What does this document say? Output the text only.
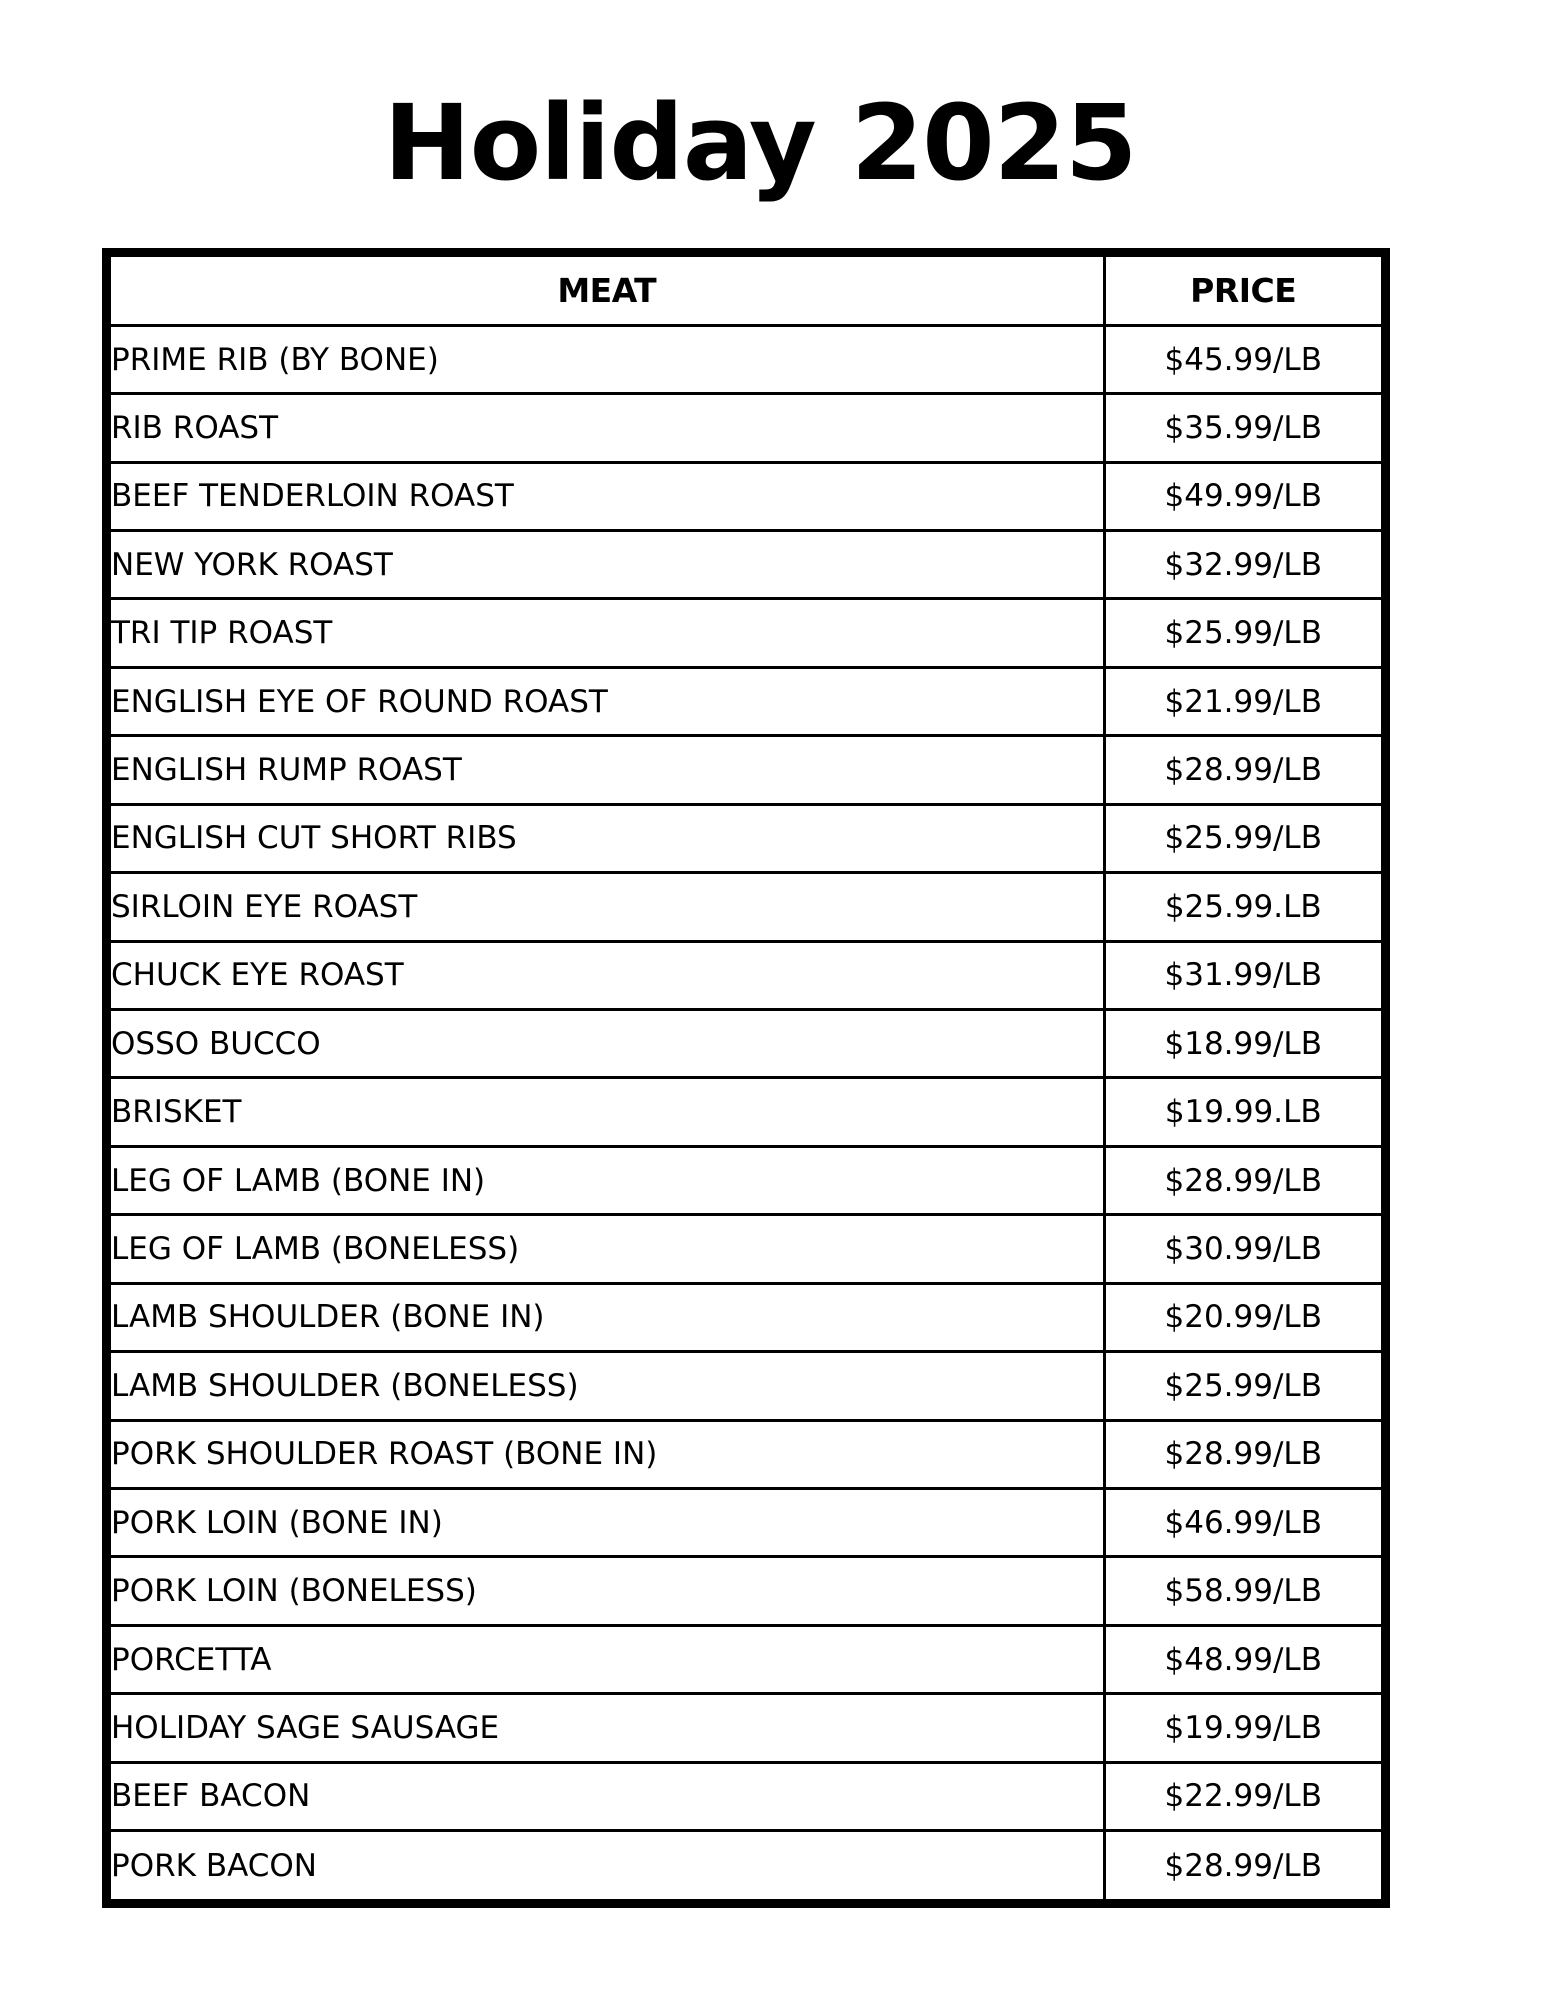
Holiday 2025
MEAT	PRICE
PRIME RIB (BY BONE)	$45.99/LB
RIB ROAST	$35.99/LB
BEEF TENDERLOIN ROAST	$49.99/LB
NEW YORK ROAST	$32.99/LB
TRI TIP ROAST	$25.99/LB
ENGLISH EYE OF ROUND ROAST	$21.99/LB
ENGLISH RUMP ROAST	$28.99/LB
ENGLISH CUT SHORT RIBS	$25.99/LB
SIRLOIN EYE ROAST	$25.99.LB
CHUCK EYE ROAST	$31.99/LB
OSSO BUCCO	$18.99/LB
BRISKET	$19.99.LB
LEG OF LAMB (BONE IN)	$28.99/LB
LEG OF LAMB (BONELESS)	$30.99/LB
LAMB SHOULDER (BONE IN)	$20.99/LB
LAMB SHOULDER (BONELESS)	$25.99/LB
PORK SHOULDER ROAST (BONE IN)	$28.99/LB
PORK LOIN (BONE IN)	$46.99/LB
PORK LOIN (BONELESS)	$58.99/LB
PORCETTA	$48.99/LB
HOLIDAY SAGE SAUSAGE	$19.99/LB
BEEF BACON	$22.99/LB
PORK BACON	$28.99/LB
